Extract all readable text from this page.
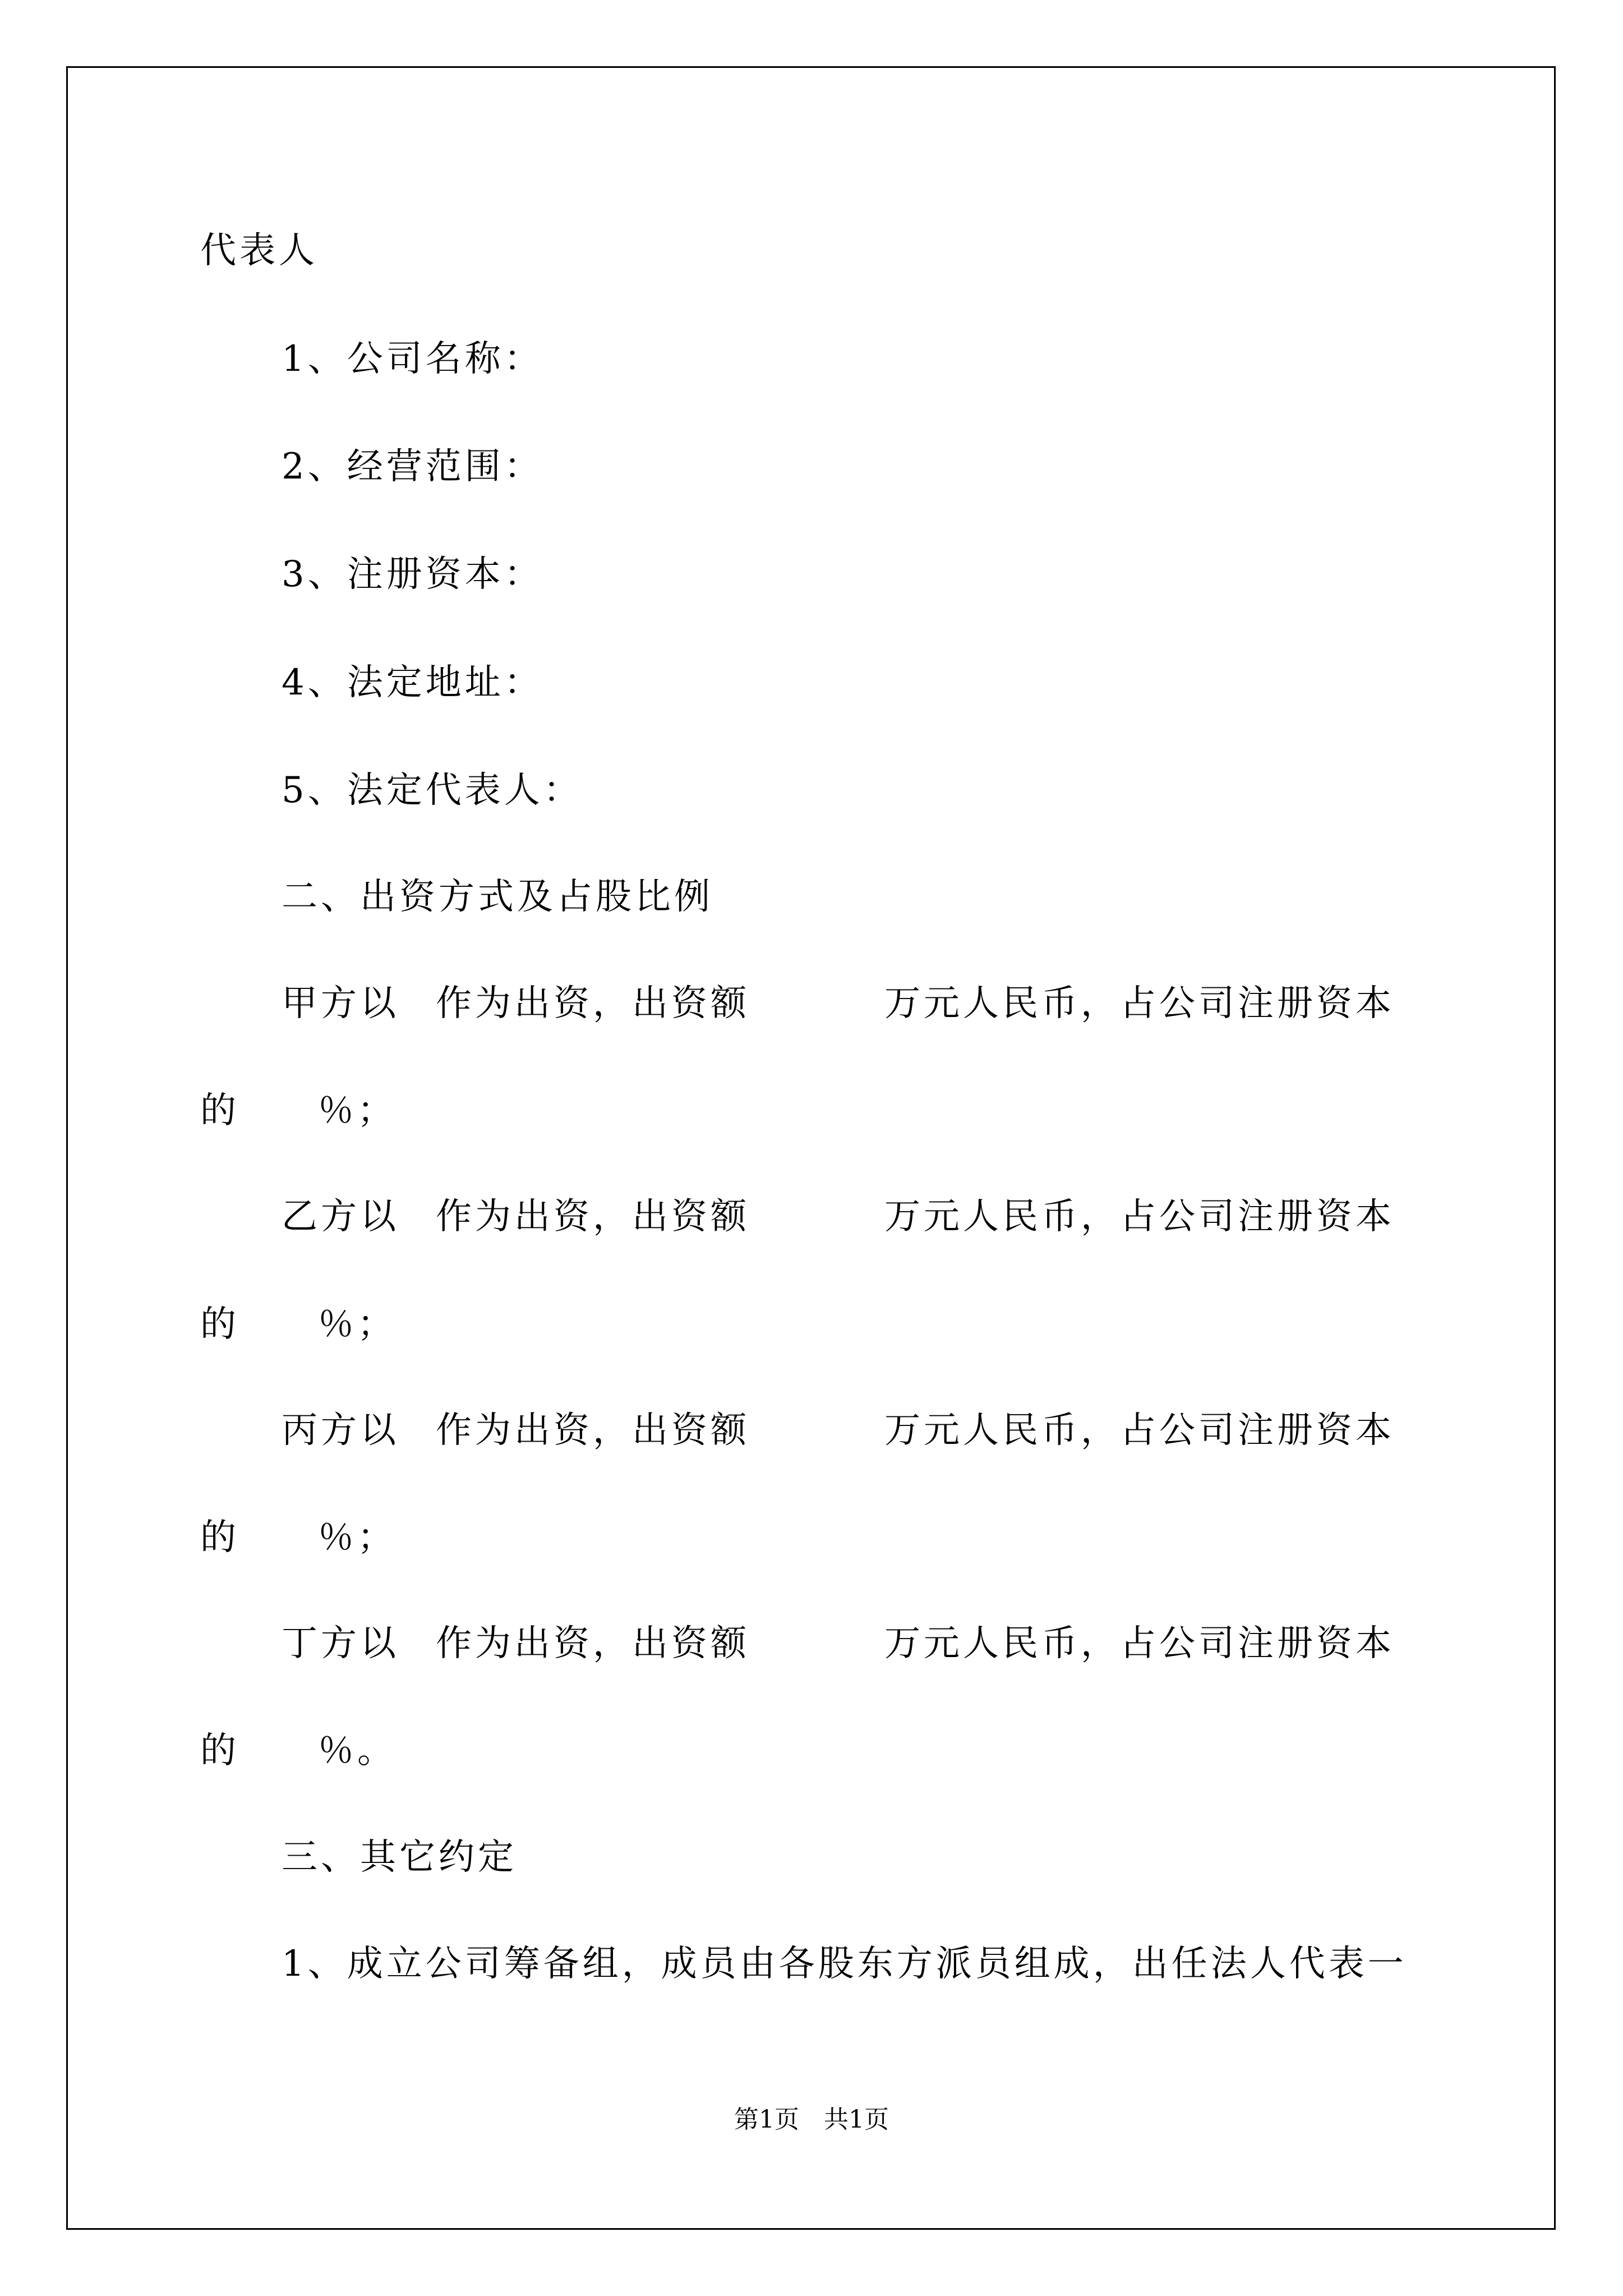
代表人
1、公司名称：
2、经营范围：
3、注册资本：
4、法定地址：
5、法定代表人：
二、出资方式及占股比例

甲方以

作为出资，出资额

	万元人民币，占公司注册资本

的

％；

乙方以

作为出资，出资额

	万元人民币，占公司注册资本

的

％；

丙方以

作为出资，出资额

	万元人民币，占公司注册资本

的

％；

丁方以

作为出资，出资额

	万元人民币，占公司注册资本

的

％。

三、其它约定
1、成立公司筹备组，成员由各股东方派员组成，出任法人代表一
第1页　共1页
